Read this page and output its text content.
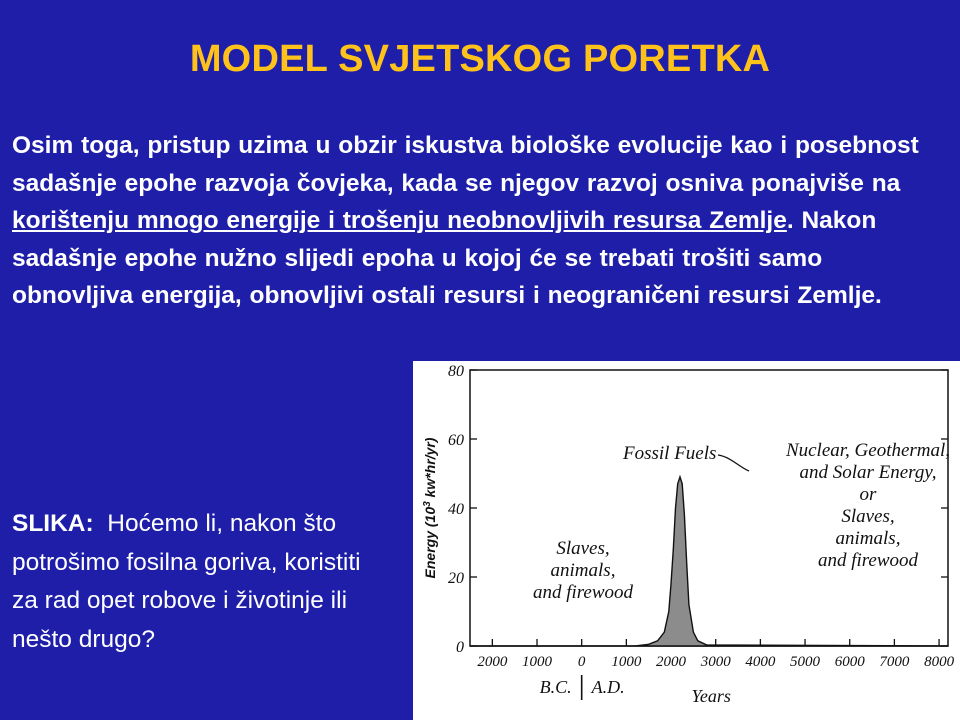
MODEL SVJETSKOG PORETKA
Osim toga, pristup uzima u obzir iskustva biološke evolucije kao i posebnost sadašnje epohe razvoja čovjeka, kada se njegov razvoj osniva ponajviše na korištenju mnogo energije i trošenju neobnovljivih resursa Zemlje. Nakon sadašnje epohe nužno slijedi epoha u kojoj će se trebati trošiti samo obnovljiva energija, obnovljivi ostali resursi i neograničeni resursi Zemlje.
SLIKA: Hoćemo li, nakon što potrošimo fosilna goriva, koristiti za rad opet robove i životinje ili nešto drugo?	0
20
40
60
80
2000 1000 0 1000 2000 3000 4000 5000 6000 7000 8000
B.C. A.D.	Years
Energy ($10^3$ kw*hr/yr)	Fossil Fuels	Nuclear, Geothermal,
and Solar Energy,
or
Slaves,
animals,
and firewood
Slaves,
animals,
and firewood
